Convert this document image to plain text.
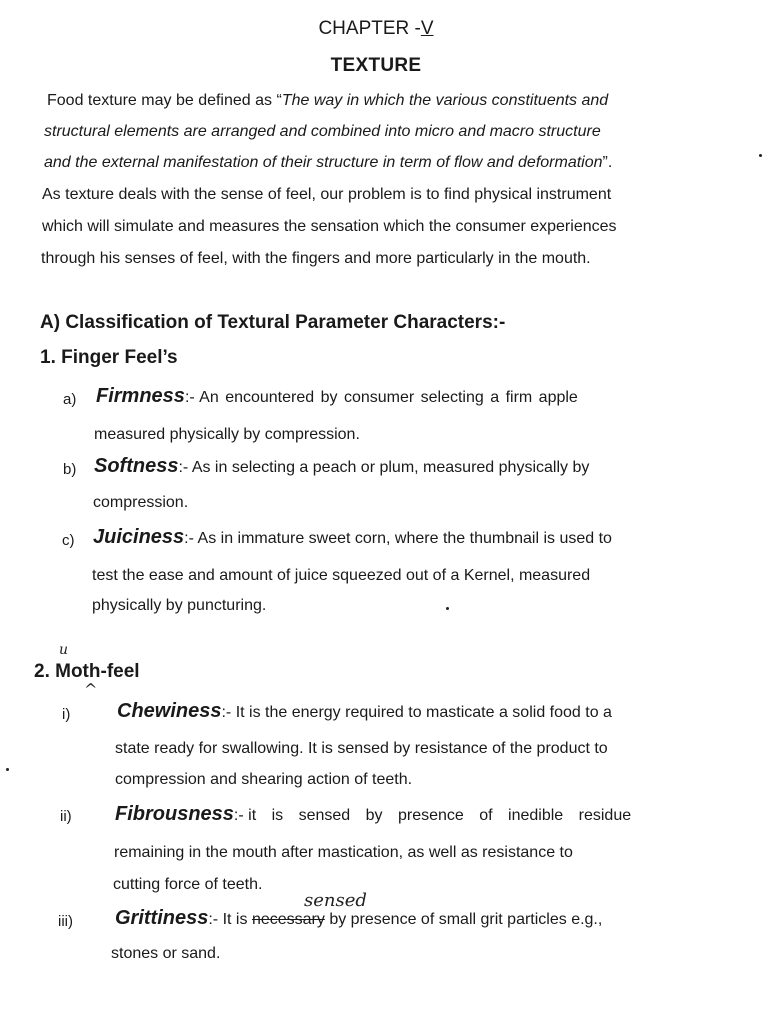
CHAPTER -V
TEXTURE
Food texture may be defined as “The way in which the various constituents and
structural elements are arranged and combined into micro and macro structure
and the external manifestation of their structure in term of flow and deformation”.
As texture deals with the sense of feel, our problem is to find physical instrument
which will simulate and measures the sensation which the consumer experiences
through his senses of feel, with the fingers and more particularly in the mouth.
A) Classification of Textural Parameter Characters:-
1. Finger Feel’s
a) Firmness:- An encountered by consumer selecting a firm apple
measured physically by compression.
b) Softness:- As in selecting a peach or plum, measured physically by
compression.
c) Juiciness:- As in immature sweet corn, where the thumbnail is used to
test the ease and amount of juice squeezed out of a Kernel, measured
physically by puncturing.
u
2. Moth-feel
^
i) Chewiness:- It is the energy required to masticate a solid food to a
state ready for swallowing. It is sensed by resistance of the product to
compression and shearing action of teeth.
ii) Fibrousness:- it is sensed by presence of inedible residue
remaining in the mouth after mastication, as well as resistance to
cutting force of teeth.
sensed
iii) Grittiness:- It is necessary by presence of small grit particles e.g.,
stones or sand.
